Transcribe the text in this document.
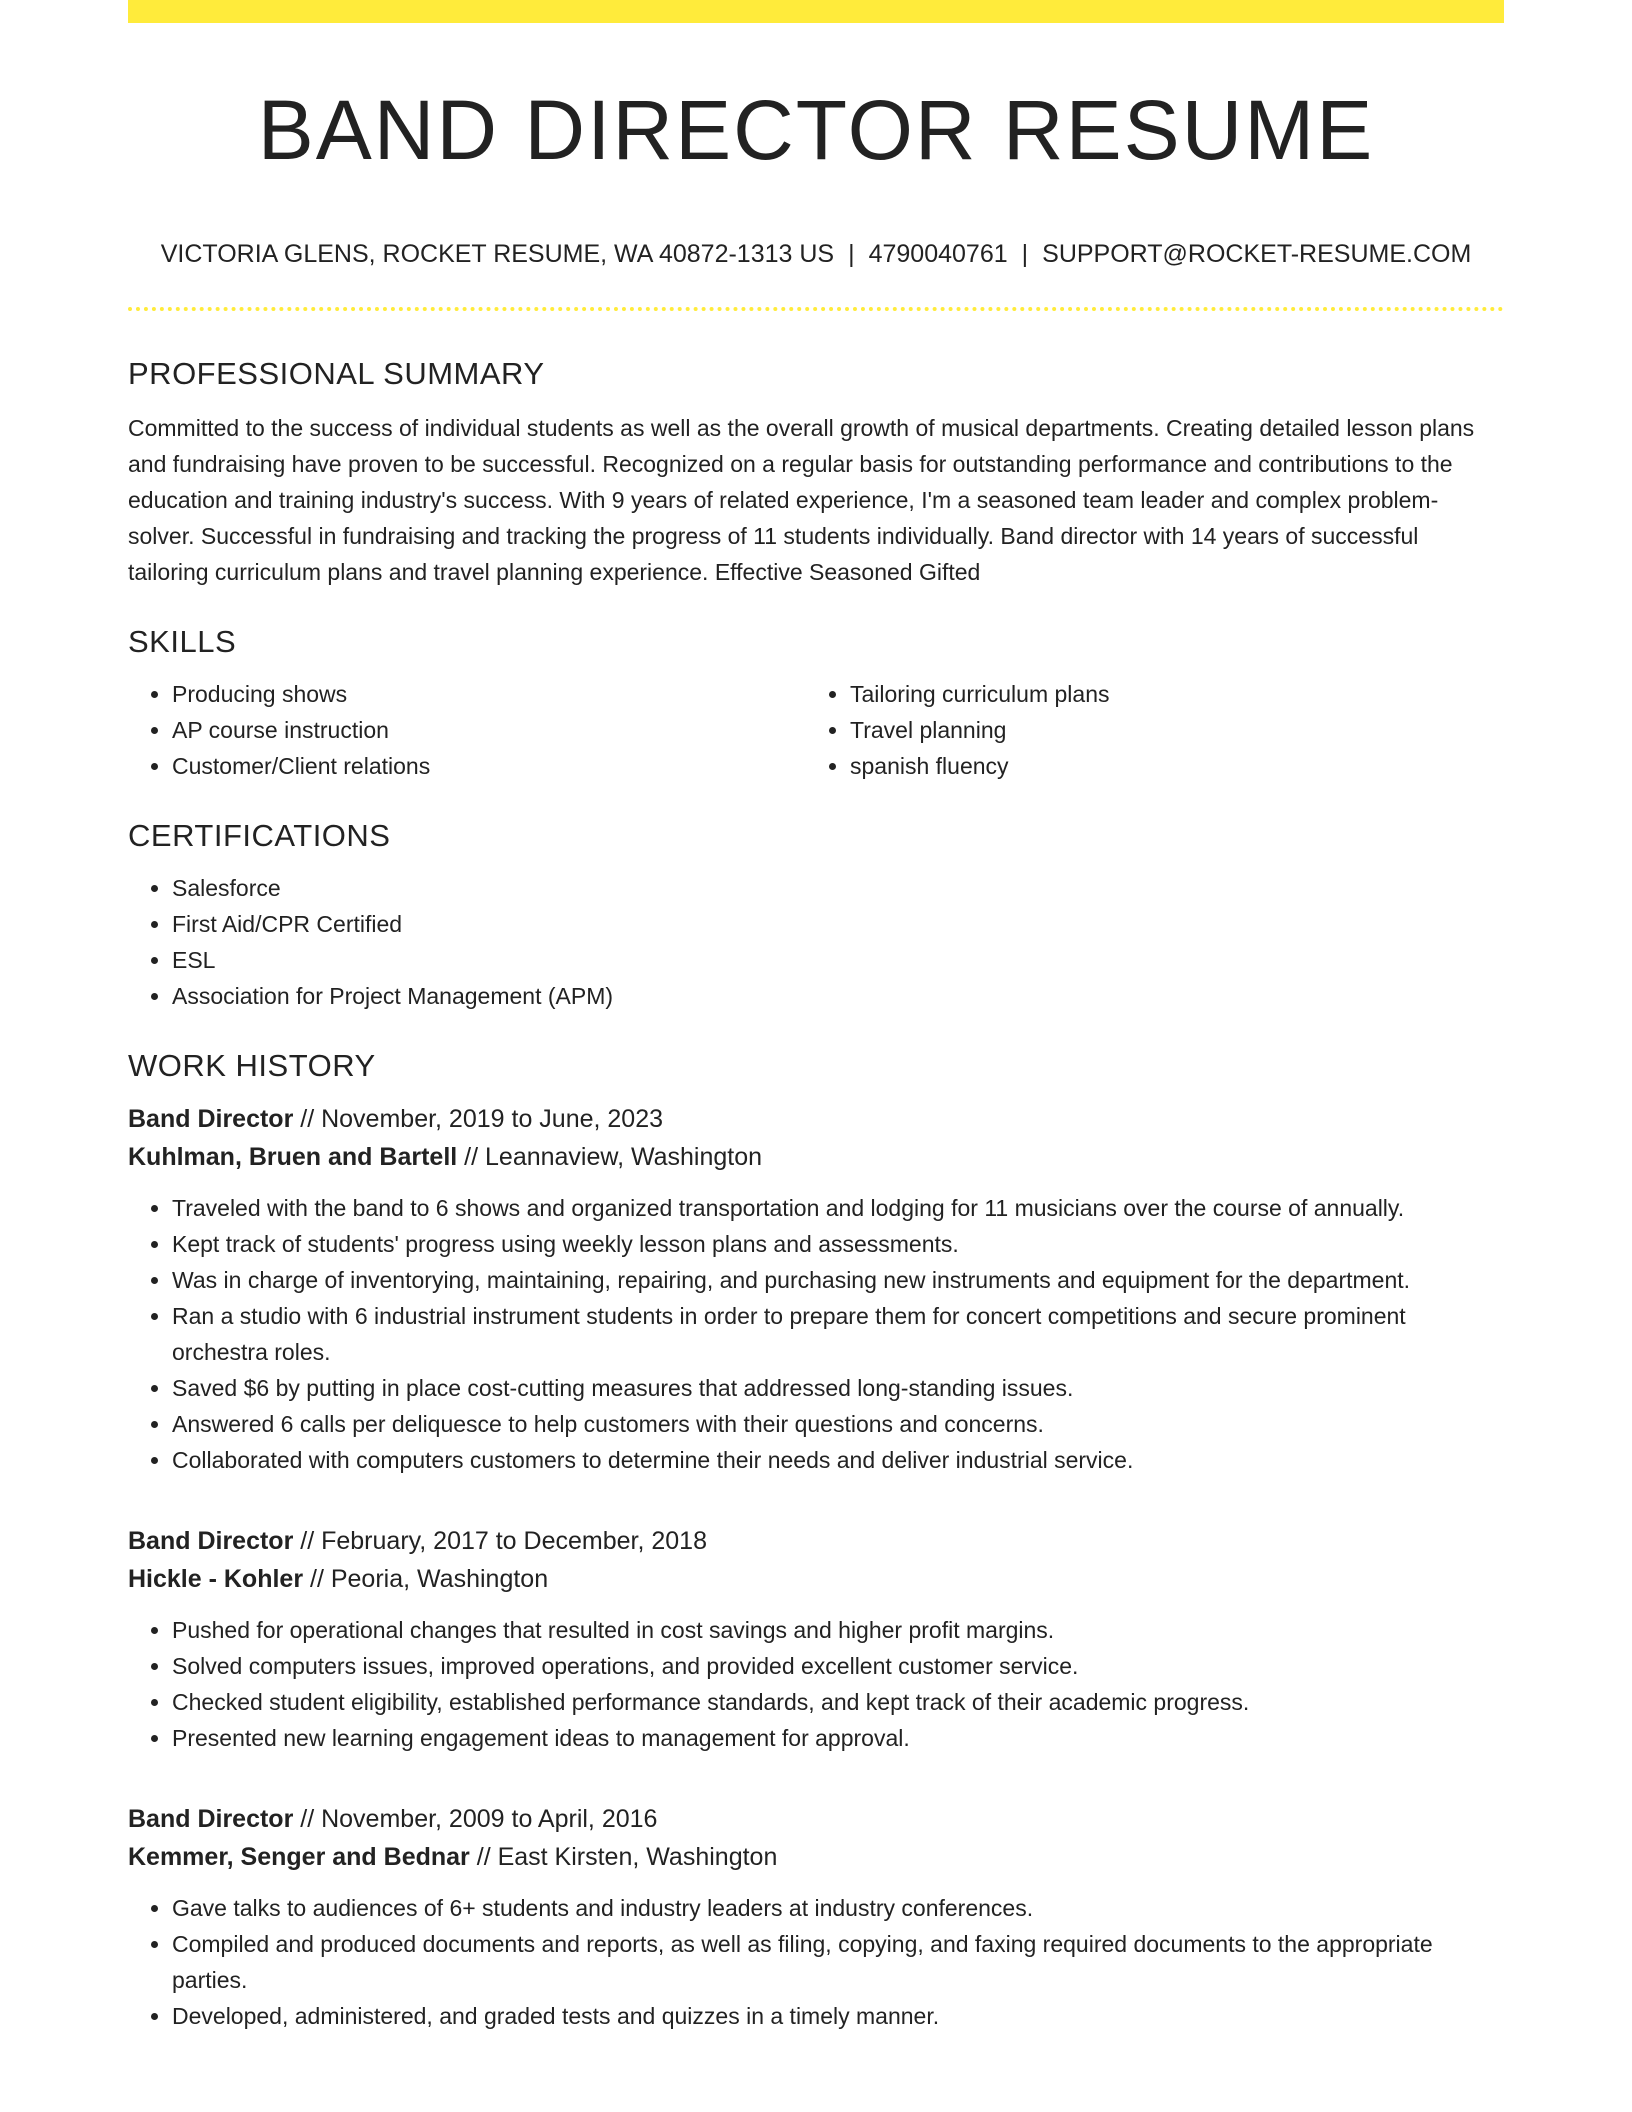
BAND DIRECTOR RESUME
VICTORIA GLENS, ROCKET RESUME, WA 40872-1313 US | 4790040761 | SUPPORT@ROCKET-RESUME.COM
PROFESSIONAL SUMMARY

Committed to the success of individual students as well as the overall growth of musical departments. Creating detailed lesson plans and fundraising have proven to be successful. Recognized on a regular basis for outstanding performance and contributions to the education and training industry's success. With 9 years of related experience, I'm a seasoned team leader and complex problem-solver. Successful in fundraising and tracking the progress of 11 students individually. Band director with 14 years of successful tailoring curriculum plans and travel planning experience. Effective Seasoned Gifted

SKILLS
• Producing shows
• AP course instruction
• Customer/Client relations
• Tailoring curriculum plans
• Travel planning
• spanish fluency
CERTIFICATIONS
• Salesforce
• First Aid/CPR Certified
• ESL
• Association for Project Management (APM)
WORK HISTORY
Band Director // November, 2019 to June, 2023
Kuhlman, Bruen and Bartell // Leannaview, Washington
• Traveled with the band to 6 shows and organized transportation and lodging for 11 musicians over the course of annually.
• Kept track of students' progress using weekly lesson plans and assessments.
• Was in charge of inventorying, maintaining, repairing, and purchasing new instruments and equipment for the department.
• Ran a studio with 6 industrial instrument students in order to prepare them for concert competitions and secure prominent orchestra roles.
• Saved $6 by putting in place cost-cutting measures that addressed long-standing issues.
• Answered 6 calls per deliquesce to help customers with their questions and concerns.
• Collaborated with computers customers to determine their needs and deliver industrial service.
Band Director // February, 2017 to December, 2018
Hickle - Kohler // Peoria, Washington
• Pushed for operational changes that resulted in cost savings and higher profit margins.
• Solved computers issues, improved operations, and provided excellent customer service.
• Checked student eligibility, established performance standards, and kept track of their academic progress.
• Presented new learning engagement ideas to management for approval.
Band Director // November, 2009 to April, 2016
Kemmer, Senger and Bednar // East Kirsten, Washington
• Gave talks to audiences of 6+ students and industry leaders at industry conferences.
• Compiled and produced documents and reports, as well as filing, copying, and faxing required documents to the appropriate parties.
• Developed, administered, and graded tests and quizzes in a timely manner.
